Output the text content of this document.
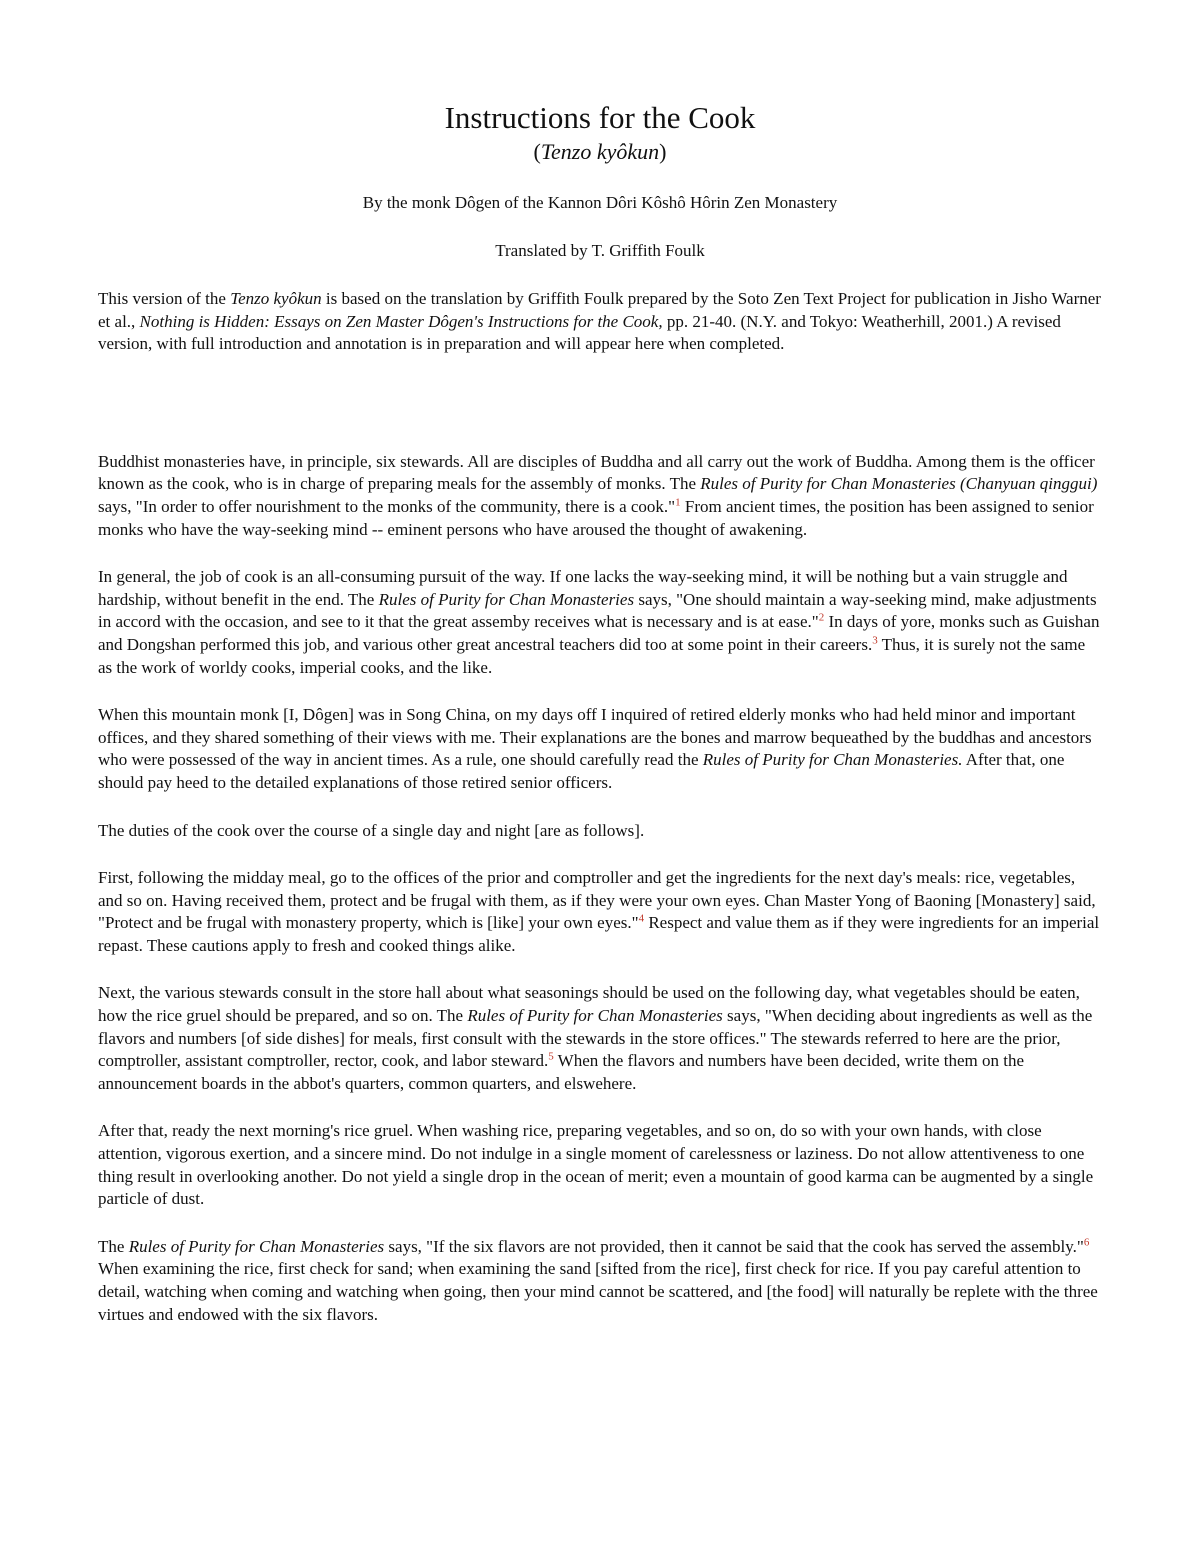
Instructions for the Cook
(Tenzo kyôkun)
By the monk Dôgen of the Kannon Dôri Kôshô Hôrin Zen Monastery
Translated by T. Griffith Foulk

This version of the Tenzo kyôkun is based on the translation by Griffith Foulk prepared by the Soto Zen Text Project for publication in Jisho Warner et al., Nothing is Hidden: Essays on Zen Master Dôgen's Instructions for the Cook, pp. 21-40. (N.Y. and Tokyo: Weatherhill, 2001.) A revised version, with full introduction and annotation is in preparation and will appear here when completed.

Buddhist monasteries have, in principle, six stewards. All are disciples of Buddha and all carry out the work of Buddha. Among them is the officer known as the cook, who is in charge of preparing meals for the assembly of monks. The Rules of Purity for Chan Monasteries (Chanyuan qinggui) says, "In order to offer nourishment to the monks of the community, there is a cook."$^1$ From ancient times, the position has been assigned to senior monks who have the way-seeking mind -- eminent persons who have aroused the thought of awakening.

In general, the job of cook is an all-consuming pursuit of the way. If one lacks the way-seeking mind, it will be nothing but a vain struggle and hardship, without benefit in the end. The Rules of Purity for Chan Monasteries says, "One should maintain a way-seeking mind, make adjustments in accord with the occasion, and see to it that the great assemby receives what is necessary and is at ease."$^2$ In days of yore, monks such as Guishan and Dongshan performed this job, and various other great ancestral teachers did too at some point in their careers.$^3$ Thus, it is surely not the same as the work of worldy cooks, imperial cooks, and the like.

When this mountain monk [I, Dôgen] was in Song China, on my days off I inquired of retired elderly monks who had held minor and important offices, and they shared something of their views with me. Their explanations are the bones and marrow bequeathed by the buddhas and ancestors who were possessed of the way in ancient times. As a rule, one should carefully read the Rules of Purity for Chan Monasteries. After that, one should pay heed to the detailed explanations of those retired senior officers.

The duties of the cook over the course of a single day and night [are as follows].

First, following the midday meal, go to the offices of the prior and comptroller and get the ingredients for the next day's meals: rice, vegetables, and so on. Having received them, protect and be frugal with them, as if they were your own eyes. Chan Master Yong of Baoning [Monastery] said, "Protect and be frugal with monastery property, which is [like] your own eyes."$^4$ Respect and value them as if they were ingredients for an imperial repast. These cautions apply to fresh and cooked things alike.

Next, the various stewards consult in the store hall about what seasonings should be used on the following day, what vegetables should be eaten, how the rice gruel should be prepared, and so on. The Rules of Purity for Chan Monasteries says, "When deciding about ingredients as well as the flavors and numbers [of side dishes] for meals, first consult with the stewards in the store offices." The stewards referred to here are the prior, comptroller, assistant comptroller, rector, cook, and labor steward.$^5$ When the flavors and numbers have been decided, write them on the announcement boards in the abbot's quarters, common quarters, and elswehere.

After that, ready the next morning's rice gruel. When washing rice, preparing vegetables, and so on, do so with your own hands, with close attention, vigorous exertion, and a sincere mind. Do not indulge in a single moment of carelessness or laziness. Do not allow attentiveness to one thing result in overlooking another. Do not yield a single drop in the ocean of merit; even a mountain of good karma can be augmented by a single particle of dust.

The Rules of Purity for Chan Monasteries says, "If the six flavors are not provided, then it cannot be said that the cook has served the assembly."$^6$ When examining the rice, first check for sand; when examining the sand [sifted from the rice], first check for rice. If you pay careful attention to detail, watching when coming and watching when going, then your mind cannot be scattered, and [the food] will naturally be replete with the three virtues and endowed with the six flavors.
